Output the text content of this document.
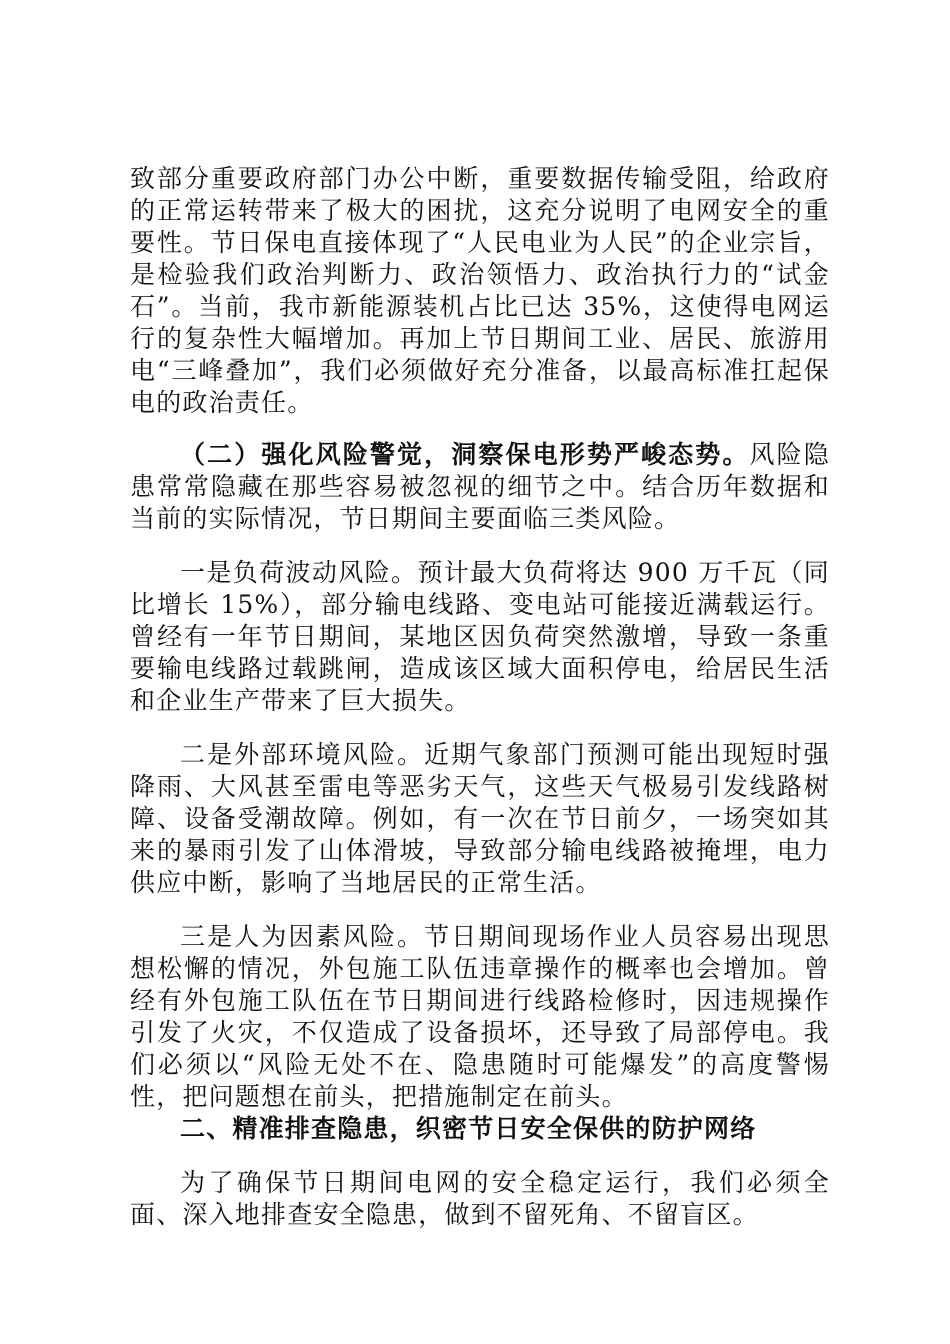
致部分重要政府部门办公中断，重要数据传输受阻，给政府的正常运转带来了极大的困扰，这充分说明了电网安全的重要性。节日保电直接体现了“人民电业为人民”的企业宗旨，是检验我们政治判断力、政治领悟力、政治执行力的“试金石”。当前，我市新能源装机占比已达 35%，这使得电网运行的复杂性大幅增加。再加上节日期间工业、居民、旅游用电“三峰叠加”，我们必须做好充分准备，以最高标准扛起保电的政治责任。

（二）强化风险警觉，洞察保电形势严峻态势。风险隐患常常隐藏在那些容易被忽视的细节之中。结合历年数据和当前的实际情况，节日期间主要面临三类风险。

一是负荷波动风险。预计最大负荷将达 900 万千瓦（同比增长 15%），部分输电线路、变电站可能接近满载运行。曾经有一年节日期间，某地区因负荷突然激增，导致一条重要输电线路过载跳闸，造成该区域大面积停电，给居民生活和企业生产带来了巨大损失。

二是外部环境风险。近期气象部门预测可能出现短时强降雨、大风甚至雷电等恶劣天气，这些天气极易引发线路树障、设备受潮故障。例如，有一次在节日前夕，一场突如其来的暴雨引发了山体滑坡，导致部分输电线路被掩埋，电力供应中断，影响了当地居民的正常生活。

三是人为因素风险。节日期间现场作业人员容易出现思想松懈的情况，外包施工队伍违章操作的概率也会增加。曾经有外包施工队伍在节日期间进行线路检修时，因违规操作引发了火灾，不仅造成了设备损坏，还导致了局部停电。我们必须以“风险无处不在、隐患随时可能爆发”的高度警惕性，把问题想在前头，把措施制定在前头。

二、精准排查隐患，织密节日安全保供的防护网络

为了确保节日期间电网的安全稳定运行，我们必须全面、深入地排查安全隐患，做到不留死角、不留盲区。
